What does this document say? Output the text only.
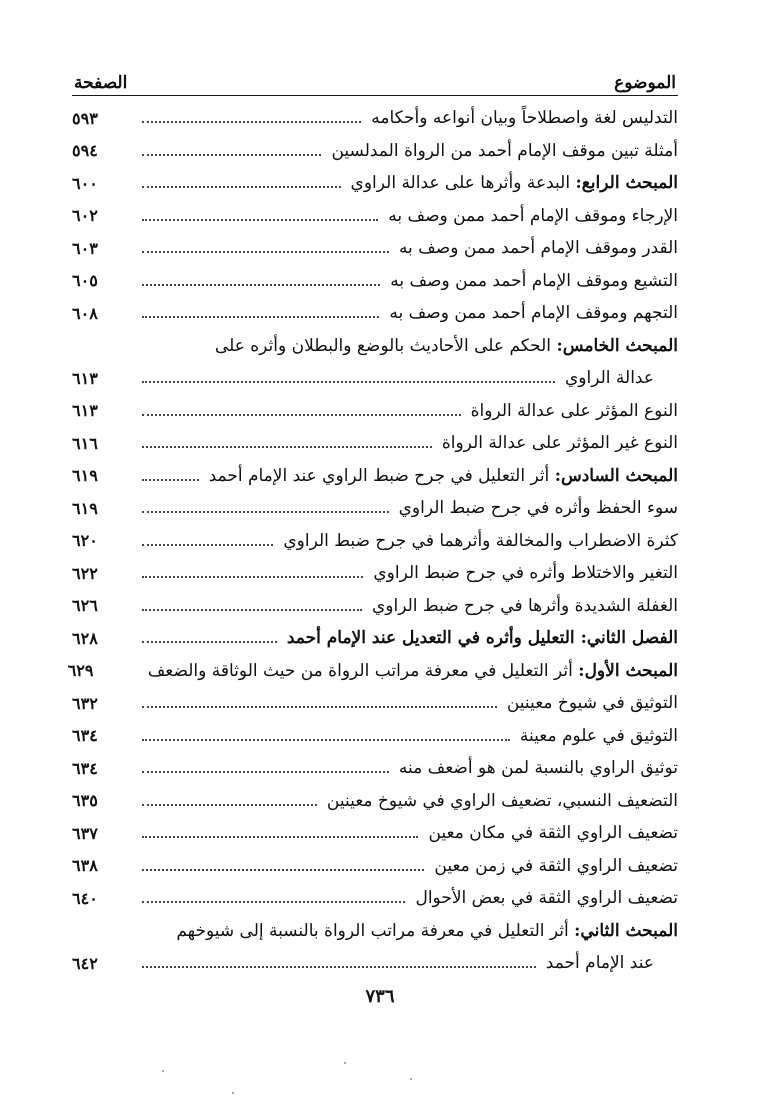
الموضوع
الصفحة
التدليس لغة واصطلاحاً وبيان أنواعه وأحكامه
٥٩٣
أمثلة تبين موقف الإمام أحمد من الرواة المدلسين
٥٩٤
المبحث الرابع: البدعة وأثرها على عدالة الراوي
٦٠٠
الإرجاء وموقف الإمام أحمد ممن وصف به
٦٠٢
القدر وموقف الإمام أحمد ممن وصف به
٦٠٣
التشيع وموقف الإمام أحمد ممن وصف به
٦٠٥
التجهم وموقف الإمام أحمد ممن وصف به
٦٠٨
المبحث الخامس: الحكم على الأحاديث بالوضع والبطلان وأثره على
عدالة الراوي
٦١٣
النوع المؤثر على عدالة الرواة
٦١٣
النوع غير المؤثر على عدالة الرواة
٦١٦
المبحث السادس: أثر التعليل في جرح ضبط الراوي عند الإمام أحمد
٦١٩
سوء الحفظ وأثره في جرح ضبط الراوي
٦١٩
كثرة الاضطراب والمخالفة وأثرهما في جرح ضبط الراوي
٦٢٠
التغير والاختلاط وأثره في جرح ضبط الراوي
٦٢٢
الغفلة الشديدة وأثرها في جرح ضبط الراوي
٦٢٦
الفصل الثاني: التعليل وأثره في التعديل عند الإمام أحمد
٦٢٨
المبحث الأول: أثر التعليل في معرفة مراتب الرواة من حيث الوثاقة والضعف
٦٢٩
التوثيق في شيوخ معينين
٦٣٢
التوثيق في علوم معينة
٦٣٤
توثيق الراوي بالنسبة لمن هو أضعف منه
٦٣٤
التضعيف النسبي، تضعيف الراوي في شيوخ معينين
٦٣٥
تضعيف الراوي الثقة في مكان معين
٦٣٧
تضعيف الراوي الثقة في زمن معين
٦٣٨
تضعيف الراوي الثقة في بعض الأحوال
٦٤٠
المبحث الثاني: أثر التعليل في معرفة مراتب الرواة بالنسبة إلى شيوخهم
عند الإمام أحمد
٦٤٢
٧٣٦
